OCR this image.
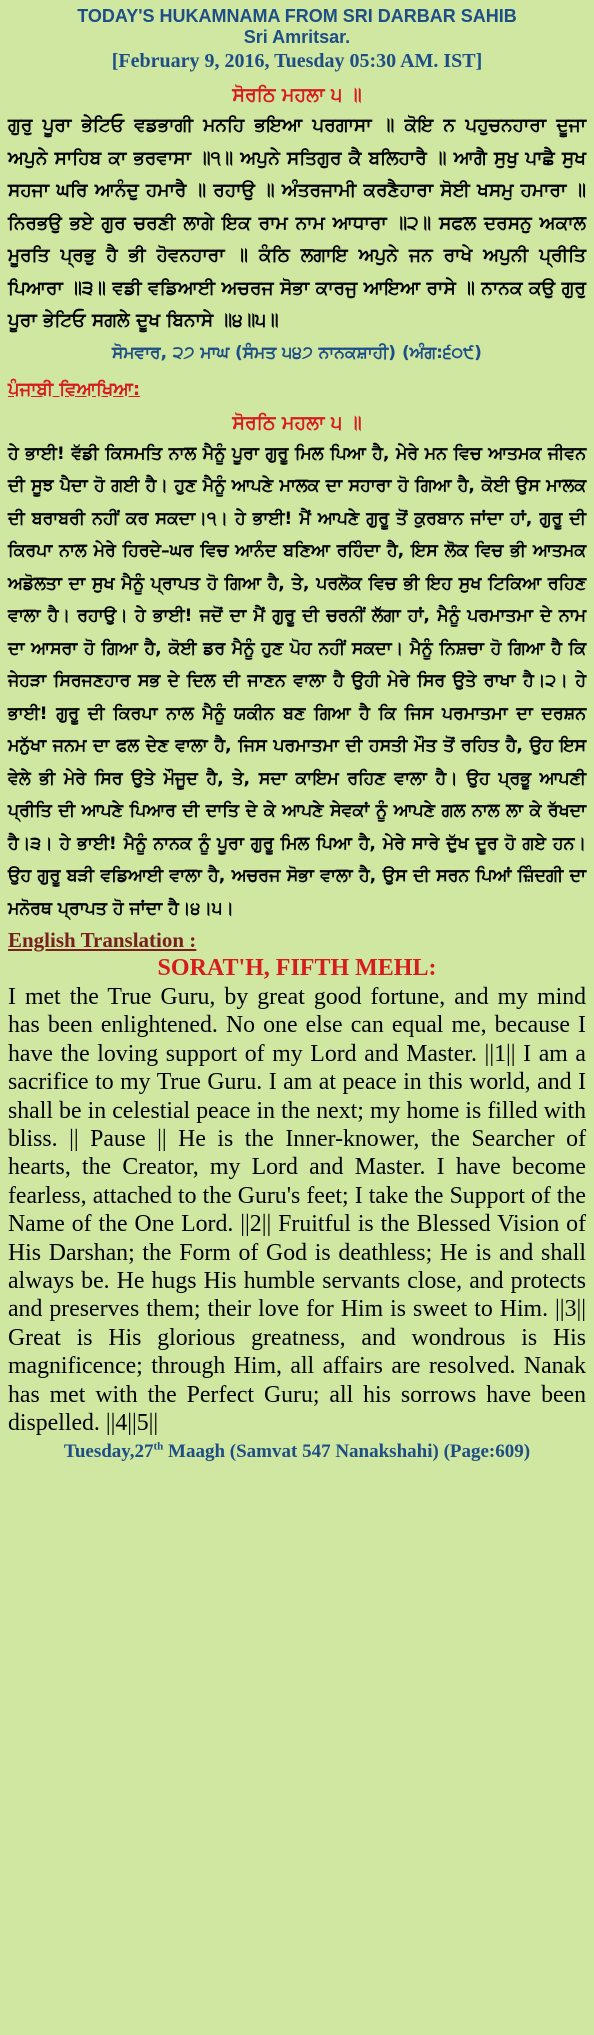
TODAY'S HUKAMNAMA FROM SRI DARBAR SAHIB
Sri Amritsar.
[February 9, 2016, Tuesday 05:30 AM. IST]
ਸੋਰਠਿ ਮਹਲਾ ੫ ॥

ਗੁਰੁ ਪੂਰਾ ਭੇਟਿਓ ਵਡਭਾਗੀ ਮਨਹਿ ਭਇਆ ਪਰਗਾਸਾ ॥ ਕੋਇ ਨ ਪਹੁਚਨਹਾਰਾ ਦੂਜਾ ਅਪੁਨੇ ਸਾਹਿਬ ਕਾ ਭਰਵਾਸਾ ॥੧॥ ਅਪੁਨੇ ਸਤਿਗੁਰ ਕੈ ਬਲਿਹਾਰੈ ॥ ਆਗੈ ਸੁਖੁ ਪਾਛੈ ਸੁਖ ਸਹਜਾ ਘਰਿ ਆਨੰਦੁ ਹਮਾਰੈ ॥ ਰਹਾਉ ॥ ਅੰਤਰਜਾਮੀ ਕਰਣੈਹਾਰਾ ਸੋਈ ਖਸਮੁ ਹਮਾਰਾ ॥ ਨਿਰਭਉ ਭਏ ਗੁਰ ਚਰਣੀ ਲਾਗੇ ਇਕ ਰਾਮ ਨਾਮ ਆਧਾਰਾ ॥੨॥ ਸਫਲ ਦਰਸਨੁ ਅਕਾਲ ਮੂਰਤਿ ਪ੍ਰਭੁ ਹੈ ਭੀ ਹੋਵਨਹਾਰਾ ॥ ਕੰਠਿ ਲਗਾਇ ਅਪੁਨੇ ਜਨ ਰਾਖੇ ਅਪੁਨੀ ਪ੍ਰੀਤਿ ਪਿਆਰਾ ॥੩॥ ਵਡੀ ਵਡਿਆਈ ਅਚਰਜ ਸੋਭਾ ਕਾਰਜੁ ਆਇਆ ਰਾਸੇ ॥ ਨਾਨਕ ਕਉ ਗੁਰੁ ਪੂਰਾ ਭੇਟਿਓ ਸਗਲੇ ਦੂਖ ਬਿਨਾਸੇ ॥੪॥੫॥

ਸੋਮਵਾਰ, ੨੭ ਮਾਘ (ਸੰਮਤ ੫੪੭ ਨਾਨਕਸ਼ਾਹੀ) (ਅੰਗ:੬੦੯)
ਪੰਜਾਬੀ ਵਿਆਖਿਆ:
ਸੋਰਠਿ ਮਹਲਾ ੫ ॥

ਹੇ ਭਾਈ! ਵੱਡੀ ਕਿਸਮਤਿ ਨਾਲ ਮੈਨੂੰ ਪੂਰਾ ਗੁਰੂ ਮਿਲ ਪਿਆ ਹੈ, ਮੇਰੇ ਮਨ ਵਿਚ ਆਤਮਕ ਜੀਵਨ ਦੀ ਸੂਝ ਪੈਦਾ ਹੋ ਗਈ ਹੈ। ਹੁਣ ਮੈਨੂੰ ਆਪਣੇ ਮਾਲਕ ਦਾ ਸਹਾਰਾ ਹੋ ਗਿਆ ਹੈ, ਕੋਈ ਉਸ ਮਾਲਕ ਦੀ ਬਰਾਬਰੀ ਨਹੀਂ ਕਰ ਸਕਦਾ।੧। ਹੇ ਭਾਈ! ਮੈਂ ਆਪਣੇ ਗੁਰੂ ਤੋਂ ਕੁਰਬਾਨ ਜਾਂਦਾ ਹਾਂ, ਗੁਰੂ ਦੀ ਕਿਰਪਾ ਨਾਲ ਮੇਰੇ ਹਿਰਦੇ–ਘਰ ਵਿਚ ਆਨੰਦ ਬਣਿਆ ਰਹਿੰਦਾ ਹੈ, ਇਸ ਲੋਕ ਵਿਚ ਭੀ ਆਤਮਕ ਅਡੋਲਤਾ ਦਾ ਸੁਖ ਮੈਨੂੰ ਪ੍ਰਾਪਤ ਹੋ ਗਿਆ ਹੈ, ਤੇ, ਪਰਲੋਕ ਵਿਚ ਭੀ ਇਹ ਸੁਖ ਟਿਕਿਆ ਰਹਿਣ ਵਾਲਾ ਹੈ। ਰਹਾਉ। ਹੇ ਭਾਈ! ਜਦੋਂ ਦਾ ਮੈਂ ਗੁਰੂ ਦੀ ਚਰਨੀਂ ਲੱਗਾ ਹਾਂ, ਮੈਨੂੰ ਪਰਮਾਤਮਾ ਦੇ ਨਾਮ ਦਾ ਆਸਰਾ ਹੋ ਗਿਆ ਹੈ, ਕੋਈ ਡਰ ਮੈਨੂੰ ਹੁਣ ਪੋਹ ਨਹੀਂ ਸਕਦਾ। ਮੈਨੂੰ ਨਿਸ਼ਚਾ ਹੋ ਗਿਆ ਹੈ ਕਿ ਜੇਹੜਾ ਸਿਰਜਣਹਾਰ ਸਭ ਦੇ ਦਿਲ ਦੀ ਜਾਣਨ ਵਾਲਾ ਹੈ ਉਹੀ ਮੇਰੇ ਸਿਰ ਉਤੇ ਰਾਖਾ ਹੈ।੨। ਹੇ ਭਾਈ! ਗੁਰੂ ਦੀ ਕਿਰਪਾ ਨਾਲ ਮੈਨੂੰ ਯਕੀਨ ਬਣ ਗਿਆ ਹੈ ਕਿ ਜਿਸ ਪਰਮਾਤਮਾ ਦਾ ਦਰਸ਼ਨ ਮਨੁੱਖਾ ਜਨਮ ਦਾ ਫਲ ਦੇਣ ਵਾਲਾ ਹੈ, ਜਿਸ ਪਰਮਾਤਮਾ ਦੀ ਹਸਤੀ ਮੌਤ ਤੋਂ ਰਹਿਤ ਹੈ, ਉਹ ਇਸ ਵੇਲੇ ਭੀ ਮੇਰੇ ਸਿਰ ਉਤੇ ਮੌਜੂਦ ਹੈ, ਤੇ, ਸਦਾ ਕਾਇਮ ਰਹਿਣ ਵਾਲਾ ਹੈ। ਉਹ ਪ੍ਰਭੂ ਆਪਣੀ ਪ੍ਰੀਤਿ ਦੀ ਆਪਣੇ ਪਿਆਰ ਦੀ ਦਾਤਿ ਦੇ ਕੇ ਆਪਣੇ ਸੇਵਕਾਂ ਨੂੰ ਆਪਣੇ ਗਲ ਨਾਲ ਲਾ ਕੇ ਰੱਖਦਾ ਹੈ।੩। ਹੇ ਭਾਈ! ਮੈਨੂੰ ਨਾਨਕ ਨੂੰ ਪੂਰਾ ਗੁਰੂ ਮਿਲ ਪਿਆ ਹੈ, ਮੇਰੇ ਸਾਰੇ ਦੁੱਖ ਦੂਰ ਹੋ ਗਏ ਹਨ। ਉਹ ਗੁਰੂ ਬੜੀ ਵਡਿਆਈ ਵਾਲਾ ਹੈ, ਅਚਰਜ ਸੋਭਾ ਵਾਲਾ ਹੈ, ਉਸ ਦੀ ਸਰਨ ਪਿਆਂ ਜ਼ਿੰਦਗੀ ਦਾ ਮਨੋਰਥ ਪ੍ਰਾਪਤ ਹੋ ਜਾਂਦਾ ਹੈ।੪।੫।

English Translation :
SORAT'H, FIFTH MEHL:

I met the True Guru, by great good fortune, and my mind has been enlightened. No one else can equal me, because I have the loving support of my Lord and Master. ||1|| I am a sacrifice to my True Guru. I am at peace in this world, and I shall be in celestial peace in the next; my home is filled with bliss. || Pause || He is the Inner-knower, the Searcher of hearts, the Creator, my Lord and Master. I have become fearless, attached to the Guru's feet; I take the Support of the Name of the One Lord. ||2|| Fruitful is the Blessed Vision of His Darshan; the Form of God is deathless; He is and shall always be. He hugs His humble servants close, and protects and preserves them; their love for Him is sweet to Him. ||3|| Great is His glorious greatness, and wondrous is His magnificence; through Him, all affairs are resolved. Nanak has met with the Perfect Guru; all his sorrows have been dispelled. ||4||5||

Tuesday,27th Maagh (Samvat 547 Nanakshahi) (Page:609)
